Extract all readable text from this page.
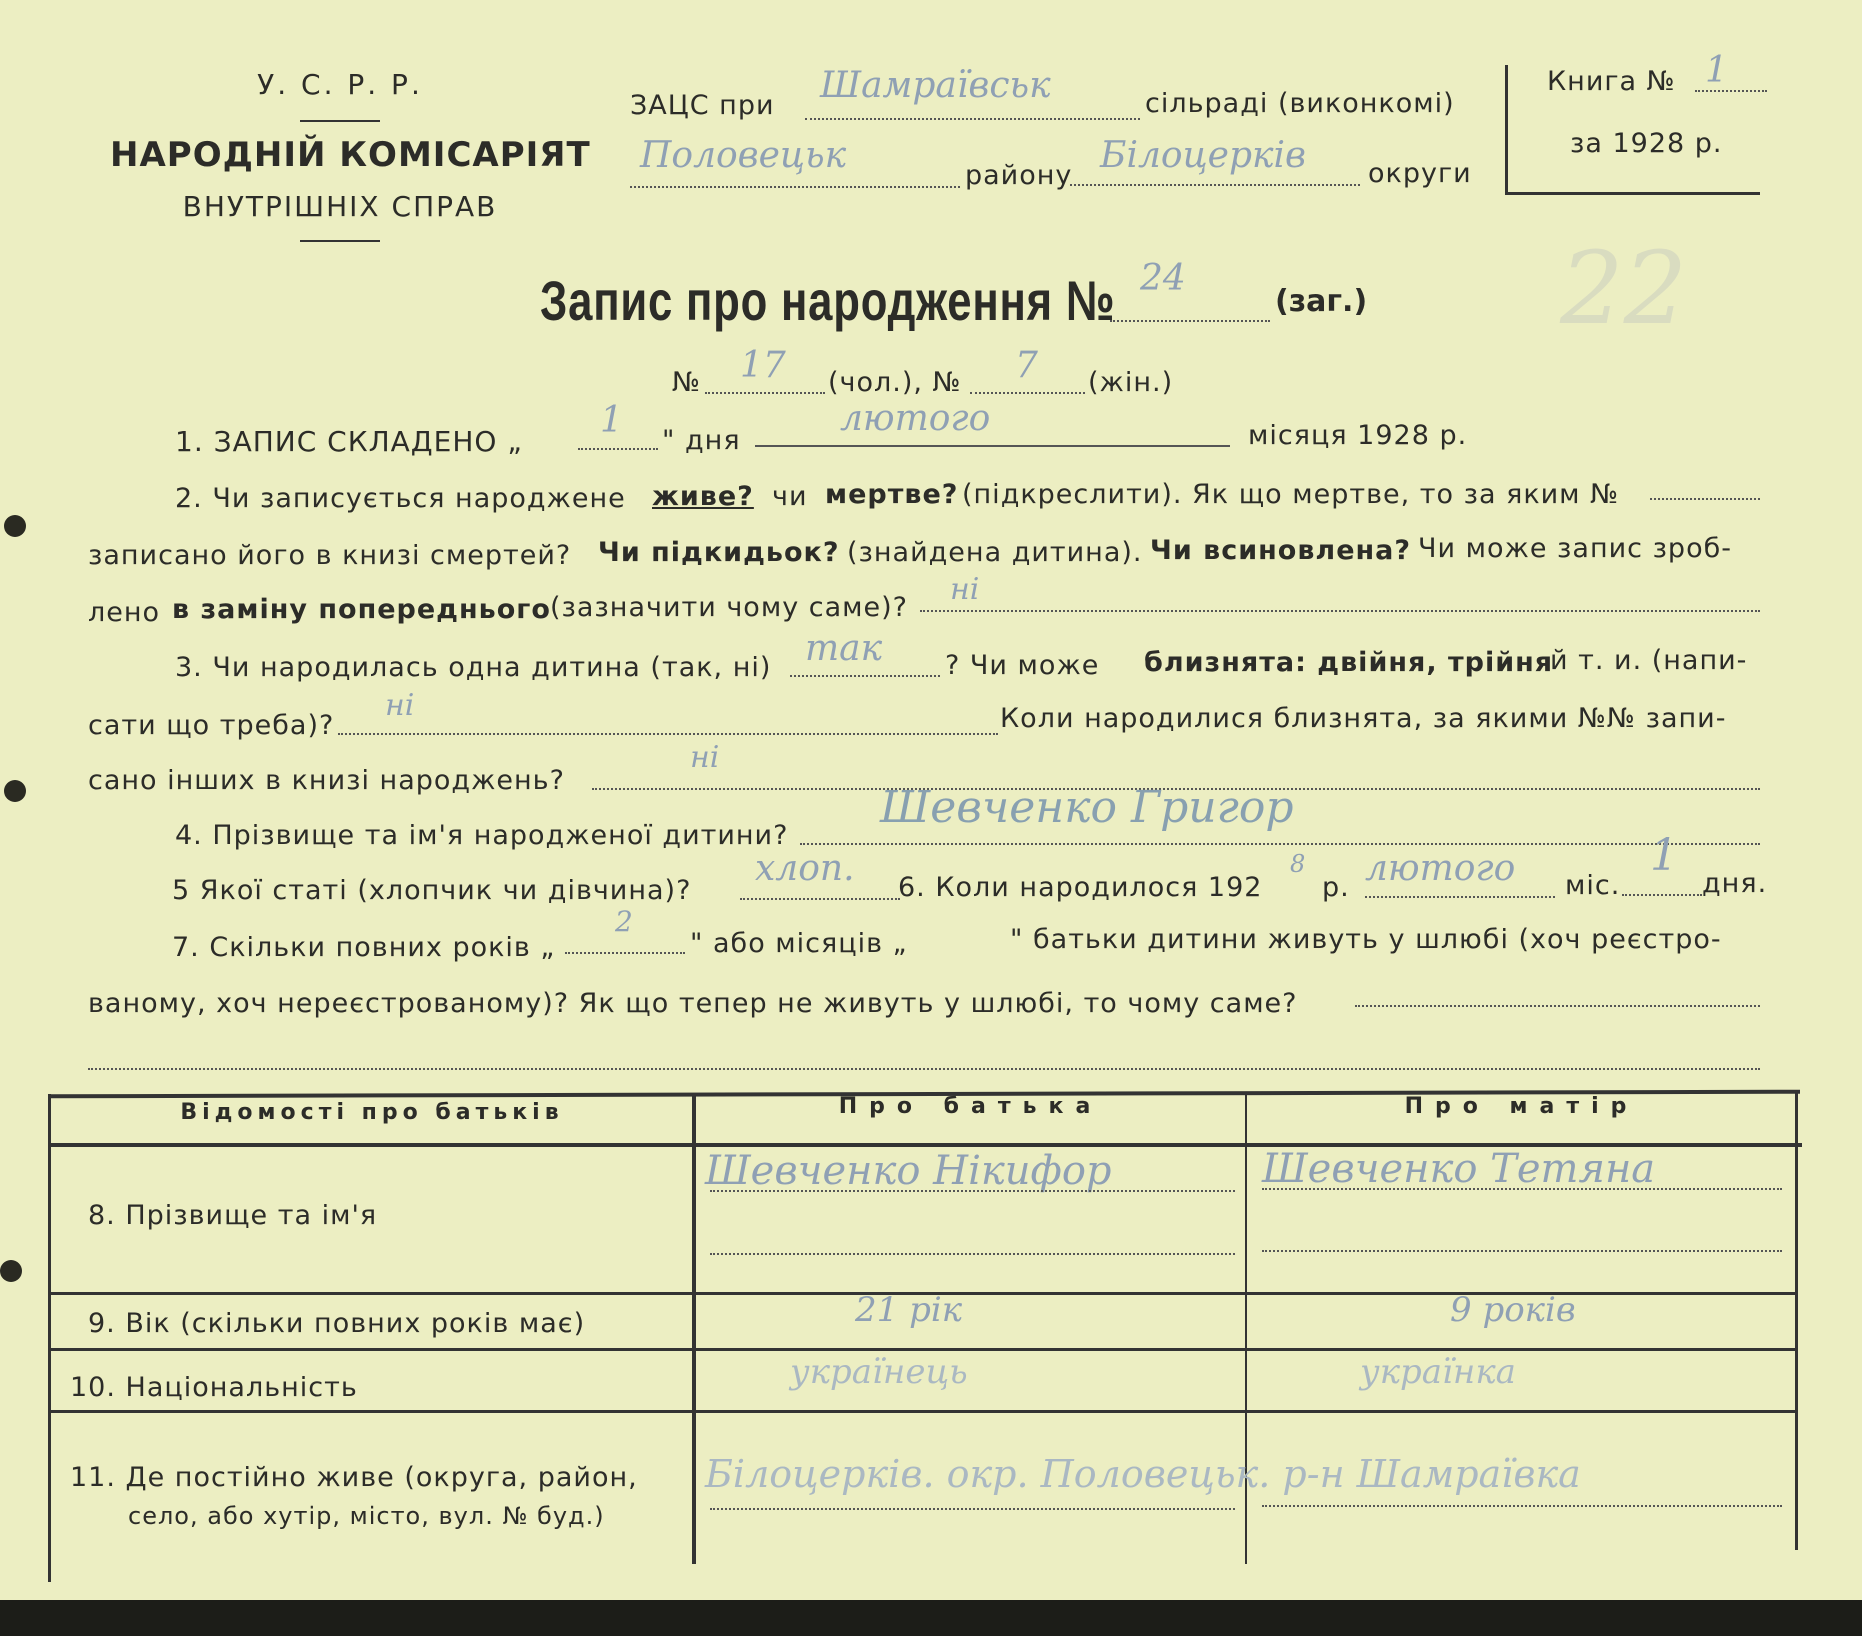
У. С. Р. Р.
НАРОДНІЙ КОМІСАРІЯТ
ВНУТРІШНІХ СПРАВ
ЗАЦС при Шамраївськ	сільраді (виконкомі)
Половецьк	району Білоцерків округи
Книга № 1
за 1928 р.
Запис про народження № 24
(заг.) 22
№ 17 (чол.), № 7 (жін.)
1. ЗАПИС СКЛАДЕНО „
1 " дня
лютого	місяця 1928 р.
2. Чи записується народжене живе? чи мертве? (підкреслити). Як що мертве, то за яким №
записано його в книзі смертей? Чи підкидьок? (знайдена дитина). Чи всиновлена? Чи може запис зроб-
лено в заміну попереднього (зазначити чому саме)?
ні
3. Чи народилась одна дитина (так, ні) так ? Чи може близнята: двійня, трійня
й т. и. (напи-
сати що треба)?
ні	Коли народилися близнята, за якими №№ запи-
сано інших в книзі народжень?
ні
4. Прізвище та ім'я народженої дитини?
Шевченко Григор
5 Якої статі (хлопчик чи дівчина)?
хлоп. 6. Коли народилося 192
8
р. лютого міс.
1
дня.
7. Скільки повних років „
2
" або місяців „	" батьки дитини живуть у шлюбі (хоч реєстро-
ваному, хоч нереєстрованому)? Як що тепер не живуть у шлюбі, то чому саме?
Відомості про батьків	Про батька	Про матір
8. Прізвище та ім'я
Шевченко Нікифор	Шевченко Тетяна
9. Вік (скільки повних років має)	21 рік	9 років
10. Національність	українець	українка
11. Де постійно живе (округа, район,
село, або хутір, місто, вул. № буд.)
Білоцерків. окр. Половецьк. р-н Шамраївка
